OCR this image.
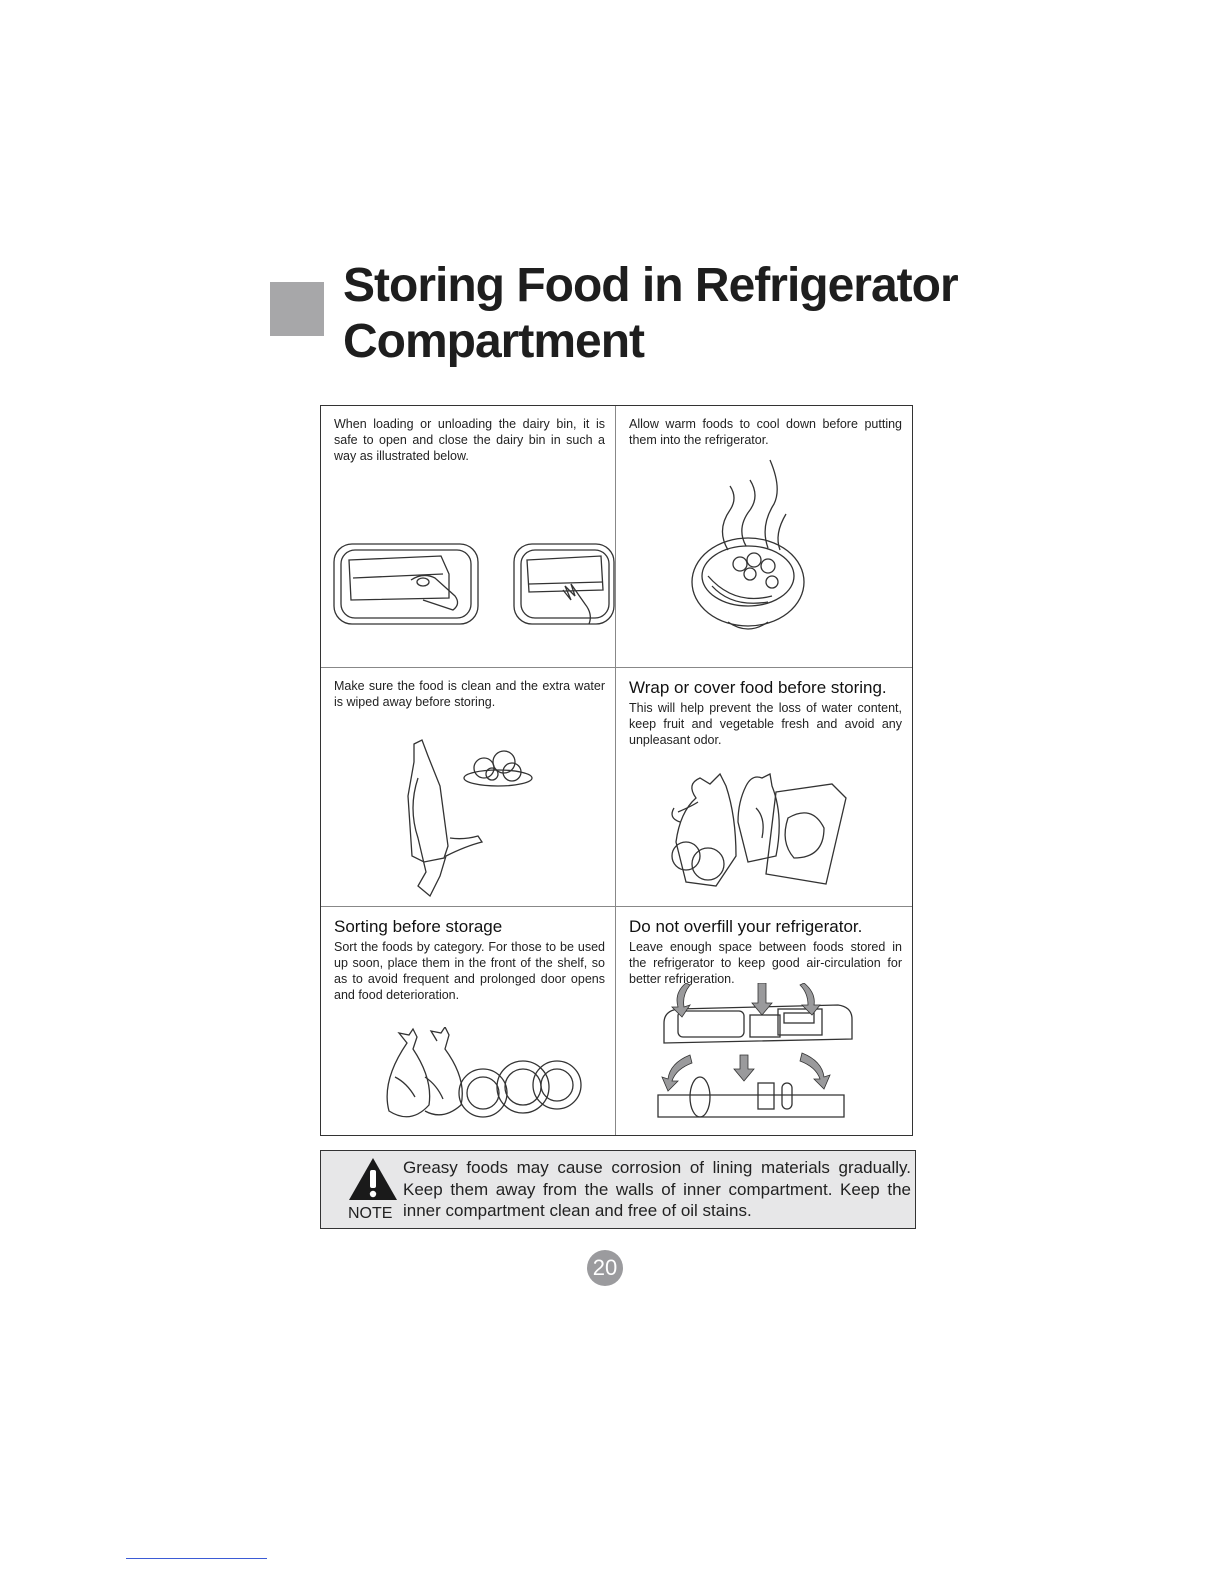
Storing Food in Refrigerator
Compartment
When loading or unloading the dairy bin, it is safe to open and close the dairy bin in such a way as illustrated below.
Allow warm foods to cool down before putting them into the refrigerator.
Make sure the food is clean and the extra water is wiped away before storing.
Wrap or cover food before storing.
This will help prevent the loss of water content, keep fruit and vegetable fresh and avoid any unpleasant odor.
Sorting before storage
Sort the foods by category. For those to be used up soon, place them in the front of the shelf, so as to avoid frequent and prolonged door opens and food deterioration.
Do not overfill your refrigerator.
Leave enough space between foods stored in the refrigerator to keep good air-circulation for better refrigeration.
NOTE
Greasy foods may cause corrosion of lining materials gradually. Keep them away from the walls of inner compartment. Keep the inner compartment clean and free of oil stains.
20
